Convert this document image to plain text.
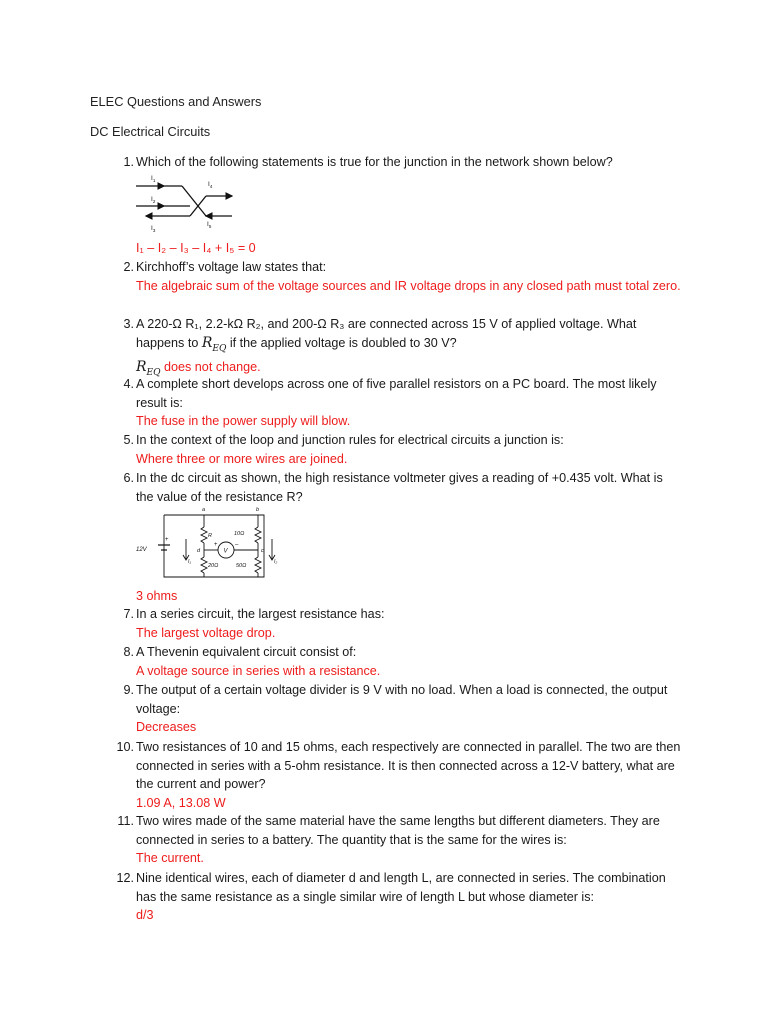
ELEC Questions and Answers
DC Electrical Circuits
1. Which of the following statements is true for the junction in the network shown below?
$I_1$
$I_2$
$I_3$
$I_4$
$I_5$
I₁ – I₂ – I₃ – I₄ + I₅ = 0
2. Kirchhoff’s voltage law states that:
The algebraic sum of the voltage sources and IR voltage drops in any closed path must total zero.
3. A 220-Ω R₁, 2.2-kΩ R₂, and 200-Ω R₃ are connected across 15 V of applied voltage. What happens to $R_{EQ}$ if the applied voltage is doubled to 30 V?
$R_{EQ}$ does not change.
4. A complete short develops across one of five parallel resistors on a PC board. The most likely result is:
The fuse in the power supply will blow.
5. In the context of the loop and junction rules for electrical circuits a junction is:
Where three or more wires are joined.
6. In the dc circuit as shown, the high resistance voltmeter gives a reading of +0.435 volt. What is the value of the resistance R?
a	b
d	c
V
12V
+
+	–
R	10Ω
20Ω	50Ω
I₁	I₂
3 ohms
7. In a series circuit, the largest resistance has:
The largest voltage drop.
8. A Thevenin equivalent circuit consist of:
A voltage source in series with a resistance.
9. The output of a certain voltage divider is 9 V with no load. When a load is connected, the output voltage:
Decreases
10. Two resistances of 10 and 15 ohms, each respectively are connected in parallel. The two are then connected in series with a 5-ohm resistance. It is then connected across a 12-V battery, what are the current and power?
1.09 A, 13.08 W
11. Two wires made of the same material have the same lengths but different diameters. They are connected in series to a battery. The quantity that is the same for the wires is:
The current.
12. Nine identical wires, each of diameter d and length L, are connected in series. The combination has the same resistance as a single similar wire of length L but whose diameter is:
d/3
